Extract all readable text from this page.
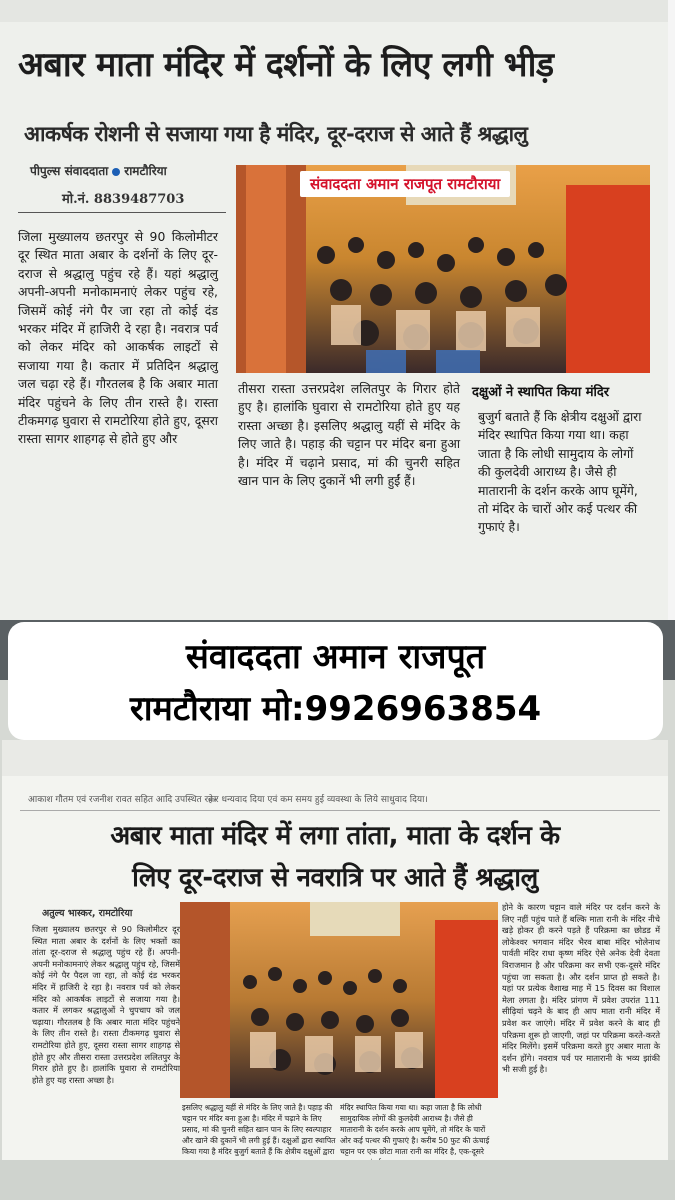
अबार माता मंदिर में दर्शनों के लिए लगी भीड़
आकर्षक रोशनी से सजाया गया है मंदिर, दूर-दराज से आते हैं श्रद्धालु
पीपुल्स संवाददाता रामटौरिया
मो.नं. 8839487703
जिला मुख्यालय छतरपुर से 90 किलोमीटर दूर स्थित माता अबार के दर्शनों के लिए दूर-दराज से श्रद्धालु पहुंच रहे हैं। यहां श्रद्धालु अपनी-अपनी मनोकामनाएं लेकर पहुंच रहे, जिसमें कोई नंगे पैर जा रहा तो कोई दंड भरकर मंदिर में हाजिरी दे रहा है। नवरात्र पर्व को लेकर मंदिर को आकर्षक लाइटों से सजाया गया है। कतार में प्रतिदिन श्रद्धालु जल चढ़ा रहे हैं। गौरतलब है कि अबार माता मंदिर पहुंचने के लिए तीन रास्ते है। रास्ता टीकमगढ़ घुवारा से रामटोरिया होते हुए, दूसरा रास्ता सागर शाहगढ़ से होते हुए और
संवाददता अमान राजपूत रामटौराया
तीसरा रास्ता उत्तरप्रदेश ललितपुर के गिरार होते हुए है। हालांकि घुवारा से रामटोरिया होते हुए यह रास्ता अच्छा है। इसलिए श्रद्धालु यहीं से मंदिर के लिए जाते है। पहाड़ की चट्टान पर मंदिर बना हुआ है। मंदिर में चढ़ाने प्रसाद, मां की चुनरी सहित खान पान के लिए दुकानें भी लगी हुईं हैं।
दक्षुओं ने स्थापित किया मंदिर
बुजुर्ग बताते हैं कि क्षेत्रीय दक्षुओं द्वारा मंदिर स्थापित किया गया था। कहा जाता है कि लोधी सामुदाय के लोगों की कुलदेवी आराध्य है। जैसे ही मातारानी के दर्शन करके आप घूमेंगे, तो मंदिर के चारों ओर कई पत्थर की गुफाएं है।
संवाददता अमान राजपूत
रामटौराया मो:9926963854
आकाश गौतम एवं रजनीश रावत सहित आदि उपस्थित रहे।
कर धन्यवाद दिया एवं कम समय हुई व्यवस्था के लिये साधुवाद दिया।
अबार माता मंदिर में लगा तांता, माता के दर्शन के
लिए दूर-दराज से नवरात्रि पर आते हैं श्रद्धालु
अतुल्य भास्कर, रामटोरिया
जिला मुख्यालय छतरपुर से 90 किलोमीटर दूर स्थित माता अबार के दर्शनों के लिए भक्तों का तांता दूर-दराज से श्रद्धालु पहुंच रहे हैं। अपनी-अपनी मनोकामनाएं लेकर श्रद्धालु पहुंच रहे, जिसमें कोई नंगे पैर पैदल जा रहा, तो कोई दंड भरकर मंदिर में हाजिरी दे रहा है। नवरात्र पर्व को लेकर मंदिर को आकर्षक लाइटों से सजाया गया है। कतार में लगकर श्रद्धालुओं ने चुपचाप को जल चढ़ाया। गौरतलब है कि अबार माता मंदिर पहुंचने के लिए तीन रास्ते है। रास्ता टीकमगढ़ घुवारा से रामटोरिया होते हुए, दूसरा रास्ता सागर शाहगढ़ से होते हुए और तीसरा रास्ता उत्तरप्रदेश ललितपुर के गिरार होते हुए है। हालांकि घुवारा से रामटोरिया होते हुए यह रास्ता अच्छा है।
इसलिए श्रद्धालु यहीं से मंदिर के लिए जाते है। पहाड़ की चट्टान पर मंदिर बना हुआ है। मंदिर में चढ़ाने के लिए प्रसाद, मां की चुनरी सहित खान पान के लिए स्वल्पाहार और खाने की दुकानें भी लगी हुई हैं। दक्षुओं द्वारा स्थापित किया गया है मंदिर बुजुर्ग बताते हैं कि क्षेत्रीय दक्षुओं द्वारा
मंदिर स्थापित किया गया था। कहा जाता है कि लोधी सामुदायिक लोगों की कुलदेवी आराध्य है। जैसे ही मातारानी के दर्शन करके आप घूमेंगे, तो मंदिर के चारों ओर कई पत्थर की गुफाएं है। करीब 50 फुट की ऊंचाई चट्टान पर एक छोटा माता रानी का मंदिर है, एक-दूसरे
होने के कारण चट्टान वाले मंदिर पर दर्शन करने के लिए नहीं पहुंच पाते हैं बल्कि माता रानी के मंदिर नीचे खड़े होकर ही करने पड़ते हैं परिक्रमा का छोडड में लोकेश्वर भगवान मंदिर भैरव बाबा मंदिर भोलेनाथ पार्वती मंदिर राधा कृष्ण मंदिर ऐसे अनेक देवी देवता विराजमान है और परिक्रमा कर सभी एक-दूसरे मंदिर पहुंचा जा सकता है। और दर्शन प्राप्त हो सकते है। यहां पर प्रत्येक वैशाख माह में 15 दिवस का विशाल मेला लगता है। मंदिर प्रांगण में प्रवेश उपरांत 111 सीढ़ियां चढ़ने के बाद ही आप माता रानी मंदिर में प्रवेश कर जाएंगे। मंदिर में प्रवेश करने के बाद ही परिक्रमा शुरू हो जाएगी, जहां पर परिक्रमा करते-करते मंदिर मिलेंगे। इसमें परिक्रमा करते हुए अबार माता के दर्शन होंगे। नवरात्र पर्व पर मातारानी के भव्य झांकी भी सजी हुई है।
